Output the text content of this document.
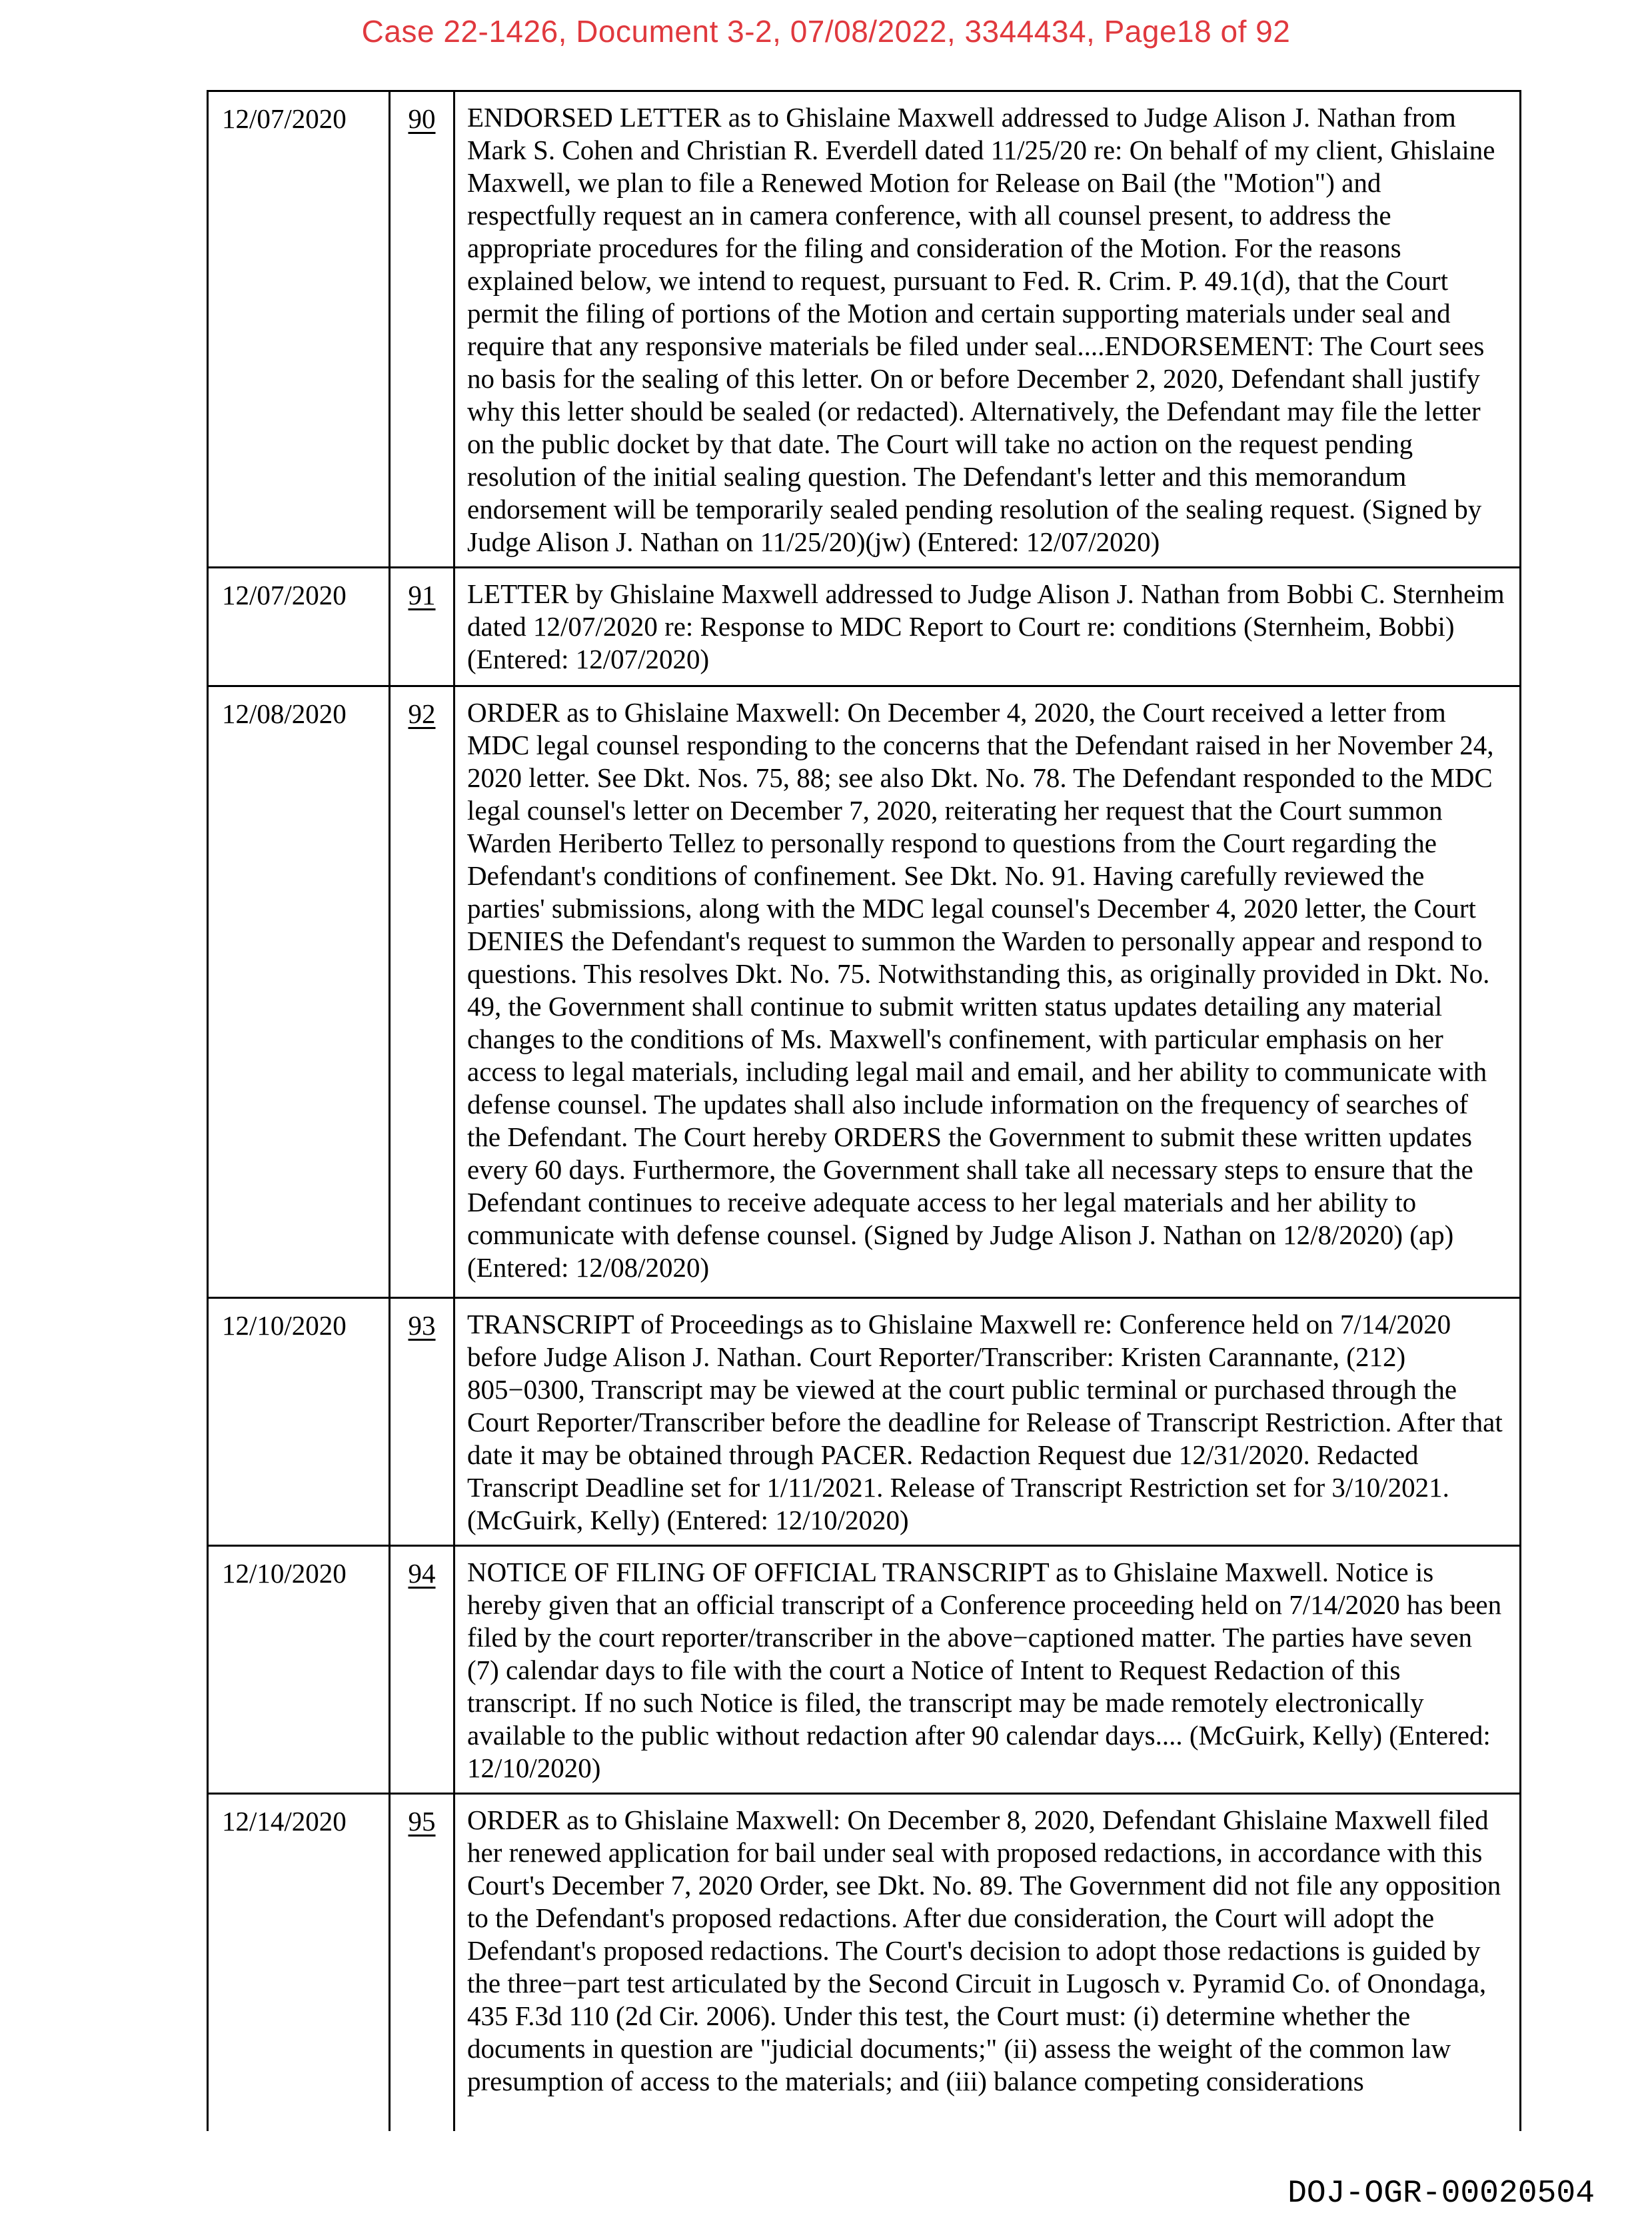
Case 22-1426, Document 3-2, 07/08/2022, 3344434, Page18 of 92
12/07/2020	90	ENDORSED LETTER as to Ghislaine Maxwell addressed to Judge Alison J. Nathan from Mark S. Cohen and Christian R. Everdell dated 11/25/20 re: On behalf of my client, Ghislaine Maxwell, we plan to file a Renewed Motion for Release on Bail (the "Motion") and respectfully request an in camera conference, with all counsel present, to address the appropriate procedures for the filing and consideration of the Motion. For the reasons explained below, we intend to request, pursuant to Fed. R. Crim. P. 49.1(d), that the Court permit the filing of portions of the Motion and certain supporting materials under seal and require that any responsive materials be filed under seal....ENDORSEMENT: The Court sees no basis for the sealing of this letter. On or before December 2, 2020, Defendant shall justify why this letter should be sealed (or redacted). Alternatively, the Defendant may file the letter on the public docket by that date. The Court will take no action on the request pending resolution of the initial sealing question. The Defendant's letter and this memorandum endorsement will be temporarily sealed pending resolution of the sealing request. (Signed by Judge Alison J. Nathan on 11/25/20)(jw) (Entered: 12/07/2020)
12/07/2020	91	LETTER by Ghislaine Maxwell addressed to Judge Alison J. Nathan from Bobbi C. Sternheim dated 12/07/2020 re: Response to MDC Report to Court re: conditions (Sternheim, Bobbi) (Entered: 12/07/2020)
12/08/2020	92	ORDER as to Ghislaine Maxwell: On December 4, 2020, the Court received a letter from MDC legal counsel responding to the concerns that the Defendant raised in her November 24, 2020 letter. See Dkt. Nos. 75, 88; see also Dkt. No. 78. The Defendant responded to the MDC legal counsel's letter on December 7, 2020, reiterating her request that the Court summon Warden Heriberto Tellez to personally respond to questions from the Court regarding the Defendant's conditions of confinement. See Dkt. No. 91. Having carefully reviewed the parties' submissions, along with the MDC legal counsel's December 4, 2020 letter, the Court DENIES the Defendant's request to summon the Warden to personally appear and respond to questions. This resolves Dkt. No. 75. Notwithstanding this, as originally provided in Dkt. No. 49, the Government shall continue to submit written status updates detailing any material changes to the conditions of Ms. Maxwell's confinement, with particular emphasis on her access to legal materials, including legal mail and email, and her ability to communicate with defense counsel. The updates shall also include information on the frequency of searches of the Defendant. The Court hereby ORDERS the Government to submit these written updates every 60 days. Furthermore, the Government shall take all necessary steps to ensure that the Defendant continues to receive adequate access to her legal materials and her ability to communicate with defense counsel. (Signed by Judge Alison J. Nathan on 12/8/2020) (ap) (Entered: 12/08/2020)
12/10/2020	93	TRANSCRIPT of Proceedings as to Ghislaine Maxwell re: Conference held on 7/14/2020 before Judge Alison J. Nathan. Court Reporter/Transcriber: Kristen Carannante, (212) 805−0300, Transcript may be viewed at the court public terminal or purchased through the Court Reporter/Transcriber before the deadline for Release of Transcript Restriction. After that date it may be obtained through PACER. Redaction Request due 12/31/2020. Redacted Transcript Deadline set for 1/11/2021. Release of Transcript Restriction set for 3/10/2021. (McGuirk, Kelly) (Entered: 12/10/2020)
12/10/2020	94	NOTICE OF FILING OF OFFICIAL TRANSCRIPT as to Ghislaine Maxwell. Notice is hereby given that an official transcript of a Conference proceeding held on 7/14/2020 has been filed by the court reporter/transcriber in the above−captioned matter. The parties have seven (7) calendar days to file with the court a Notice of Intent to Request Redaction of this transcript. If no such Notice is filed, the transcript may be made remotely electronically available to the public without redaction after 90 calendar days.... (McGuirk, Kelly) (Entered: 12/10/2020)
12/14/2020	95	ORDER as to Ghislaine Maxwell: On December 8, 2020, Defendant Ghislaine Maxwell filed her renewed application for bail under seal with proposed redactions, in accordance with this Court's December 7, 2020 Order, see Dkt. No. 89. The Government did not file any opposition to the Defendant's proposed redactions. After due consideration, the Court will adopt the Defendant's proposed redactions. The Court's decision to adopt those redactions is guided by the three−part test articulated by the Second Circuit in Lugosch v. Pyramid Co. of Onondaga, 435 F.3d 110 (2d Cir. 2006). Under this test, the Court must: (i) determine whether the documents in question are "judicial documents;" (ii) assess the weight of the common law presumption of access to the materials; and (iii) balance competing considerations
DOJ-OGR-00020504
